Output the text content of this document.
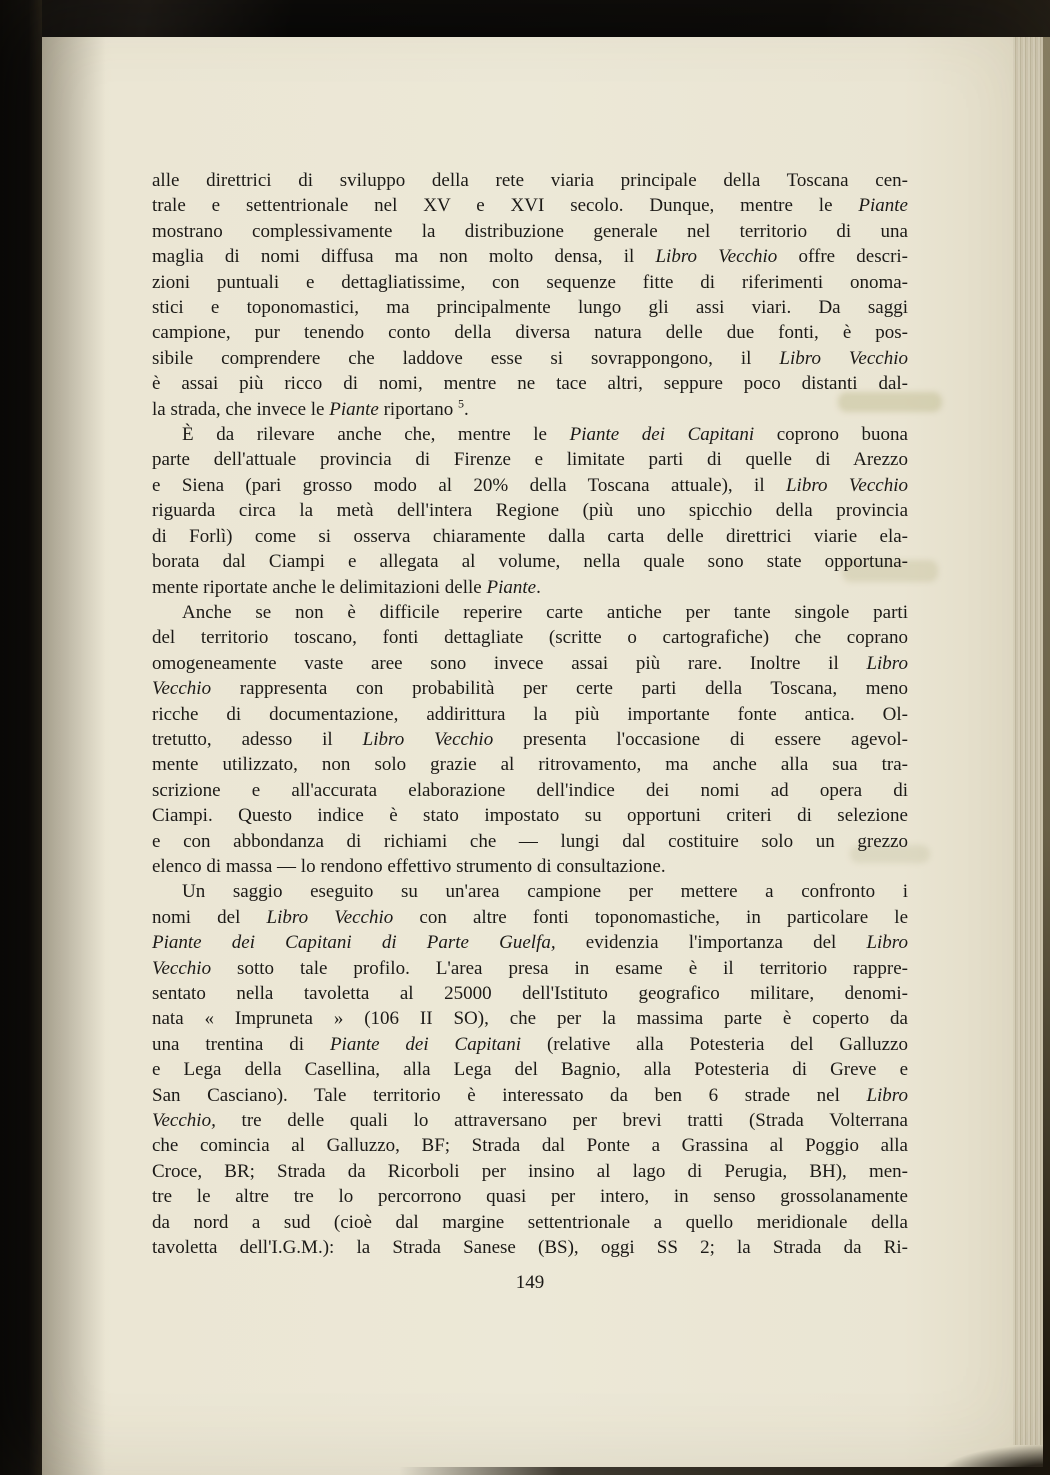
alle direttrici di sviluppo della rete viaria principale della Toscana cen-
trale e settentrionale nel XV e XVI secolo. Dunque, mentre le Piante
mostrano complessivamente la distribuzione generale nel territorio di una
maglia di nomi diffusa ma non molto densa, il Libro Vecchio offre descri-
zioni puntuali e dettagliatissime, con sequenze fitte di riferimenti onoma-
stici e toponomastici, ma principalmente lungo gli assi viari. Da saggi
campione, pur tenendo conto della diversa natura delle due fonti, è pos-
sibile comprendere che laddove esse si sovrappongono, il Libro Vecchio
è assai più ricco di nomi, mentre ne tace altri, seppure poco distanti dal-
la strada, che invece le Piante riportano $^5$.
È da rilevare anche che, mentre le Piante dei Capitani coprono buona
parte dell'attuale provincia di Firenze e limitate parti di quelle di Arezzo
e Siena (pari grosso modo al 20% della Toscana attuale), il Libro Vecchio
riguarda circa la metà dell'intera Regione (più uno spicchio della provincia
di Forlì) come si osserva chiaramente dalla carta delle direttrici viarie ela-
borata dal Ciampi e allegata al volume, nella quale sono state opportuna-
mente riportate anche le delimitazioni delle Piante.
Anche se non è difficile reperire carte antiche per tante singole parti
del territorio toscano, fonti dettagliate (scritte o cartografiche) che coprano
omogeneamente vaste aree sono invece assai più rare. Inoltre il Libro
Vecchio rappresenta con probabilità per certe parti della Toscana, meno
ricche di documentazione, addirittura la più importante fonte antica. Ol-
tretutto, adesso il Libro Vecchio presenta l'occasione di essere agevol-
mente utilizzato, non solo grazie al ritrovamento, ma anche alla sua tra-
scrizione e all'accurata elaborazione dell'indice dei nomi ad opera di
Ciampi. Questo indice è stato impostato su opportuni criteri di selezione
e con abbondanza di richiami che — lungi dal costituire solo un grezzo
elenco di massa — lo rendono effettivo strumento di consultazione.
Un saggio eseguito su un'area campione per mettere a confronto i
nomi del Libro Vecchio con altre fonti toponomastiche, in particolare le
Piante dei Capitani di Parte Guelfa, evidenzia l'importanza del Libro
Vecchio sotto tale profilo. L'area presa in esame è il territorio rappre-
sentato nella tavoletta al 25000 dell'Istituto geografico militare, denomi-
nata « Impruneta » (106 II SO), che per la massima parte è coperto da
una trentina di Piante dei Capitani (relative alla Potesteria del Galluzzo
e Lega della Casellina, alla Lega del Bagnio, alla Potesteria di Greve e
San Casciano). Tale territorio è interessato da ben 6 strade nel Libro
Vecchio, tre delle quali lo attraversano per brevi tratti (Strada Volterrana
che comincia al Galluzzo, BF; Strada dal Ponte a Grassina al Poggio alla
Croce, BR; Strada da Ricorboli per insino al lago di Perugia, BH), men-
tre le altre tre lo percorrono quasi per intero, in senso grossolanamente
da nord a sud (cioè dal margine settentrionale a quello meridionale della
tavoletta dell'I.G.M.): la Strada Sanese (BS), oggi SS 2; la Strada da Ri-
149
